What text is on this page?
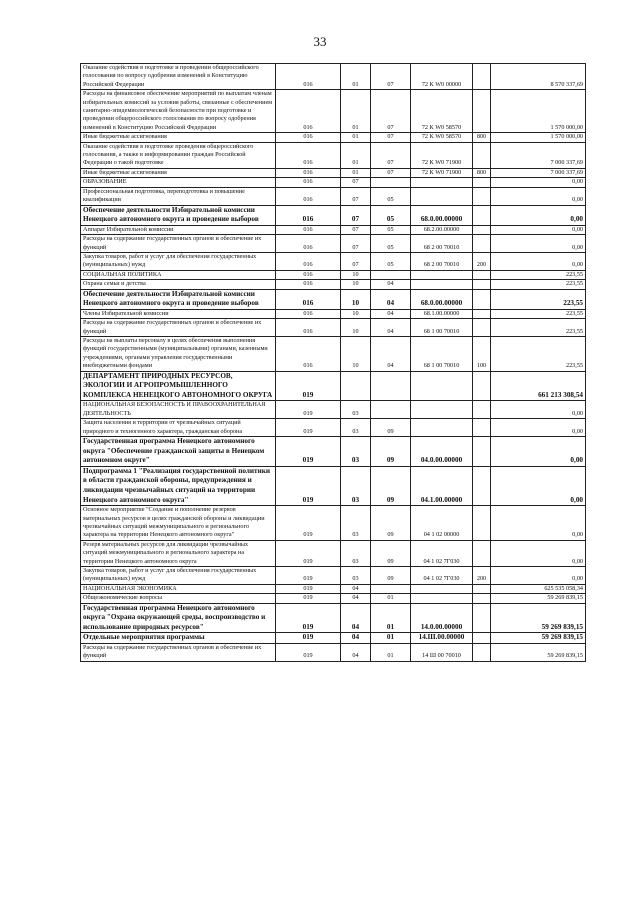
33
Оказание содействия в подготовке и проведении общероссийского голосования по вопросу одобрения изменений в Конституцию Российской Федерации	016	01	07	72 К W0 00000		8 570 337,69
Расходы на финансовое обеспечение мероприятий по выплатам членам избирательных комиссий за условия работы, связанные с обеспечением санитарно-эпидемиологической безопасности при подготовке и проведении общероссийского голосования по вопросу одобрения изменений в Конституцию Российской Федерации	016	01	07	72 К W0 58570		1 570 000,00
Иные бюджетные ассигнования	016	01	07	72 К W0 58570	800	1 570 000,00
Оказание содействия в подготовке проведения общероссийского голосования, а также в информировании граждан Российской Федерации о такой подготовке	016	01	07	72 К W0 71900		7 000 337,69
Иные бюджетные ассигнования	016	01	07	72 К W0 71900	800	7 000 337,69
ОБРАЗОВАНИЕ	016	07				0,00
Профессиональная подготовка, переподготовка и повышение квалификации	016	07	05			0,00
Обеспечение деятельности Избирательной комиссии Ненецкого автономного округа и проведение выборов	016	07	05	68.0.00.00000		0,00
Аппарат Избирательной комиссии	016	07	05	68.2.00.00000		0,00
Расходы на содержание государственных органов и обеспечение их функций	016	07	05	68 2 00 70010		0,00
Закупка товаров, работ и услуг для обеспечения государственных (муниципальных) нужд	016	07	05	68 2 00 70010	200	0,00
СОЦИАЛЬНАЯ ПОЛИТИКА	016	10				223,55
Охрана семьи и детства	016	10	04			223,55
Обеспечение деятельности Избирательной комиссии Ненецкого автономного округа и проведение выборов	016	10	04	68.0.00.00000		223,55
Члены Избирательной комиссии	016	10	04	68.1.00.00000		223,55
Расходы на содержание государственных органов и обеспечение их функций	016	10	04	68 1 00 70010		223,55
Расходы на выплаты персоналу в целях обеспечения выполнения функций государственными (муниципальными) органами, казенными учреждениями, органами управления государственными внебюджетными фондами	016	10	04	68 1 00 70010	100	223,55
ДЕПАРТАМЕНТ ПРИРОДНЫХ РЕСУРСОВ, ЭКОЛОГИИ И АГРОПРОМЫШЛЕННОГО КОМПЛЕКСА НЕНЕЦКОГО АВТОНОМНОГО ОКРУГА	019					661 213 308,54
НАЦИОНАЛЬНАЯ БЕЗОПАСНОСТЬ И ПРАВООХРАНИТЕЛЬНАЯ ДЕЯТЕЛЬНОСТЬ	019	03				0,00
Защита населения и территории от чрезвычайных ситуаций природного и техногенного характера, гражданская оборона	019	03	09			0,00
Государственная программа Ненецкого автономного округа "Обеспечение гражданской защиты в Ненецком автономном округе"	019	03	09	04.0.00.00000		0,00
Подпрограмма 1 "Реализация государственной политики в области гражданской обороны, предупреждения и ликвидации чрезвычайных ситуаций на территории Ненецкого автономного округа"	019	03	09	04.1.00.00000		0,00
Основное мероприятие "Создание и пополнение резервов материальных ресурсов в целях гражданской обороны и ликвидации чрезвычайных ситуаций межмуниципального и регионального характера на территории Ненецкого автономного округа"	019	03	09	04 1 02 00000		0,00
Резерв материальных ресурсов для ликвидации чрезвычайных ситуаций межмуниципального и регионального характера на территории Ненецкого автономного округа	019	03	09	04 1 02 7Г030		0,00
Закупка товаров, работ и услуг для обеспечения государственных (муниципальных) нужд	019	03	09	04 1 02 7Г030	200	0,00
НАЦИОНАЛЬНАЯ ЭКОНОМИКА	019	04				625 535 058,34
Общеэкономические вопросы	019	04	01			59 269 839,15
Государственная программа Ненецкого автономного округа "Охрана окружающей среды, воспроизводство и использование природных ресурсов"	019	04	01	14.0.00.00000		59 269 839,15
Отдельные мероприятия программы	019	04	01	14.Ш.00.00000		59 269 839,15
Расходы на содержание государственных органов и обеспечение их функций	019	04	01	14 Ш 00 70010		59 269 839,15
